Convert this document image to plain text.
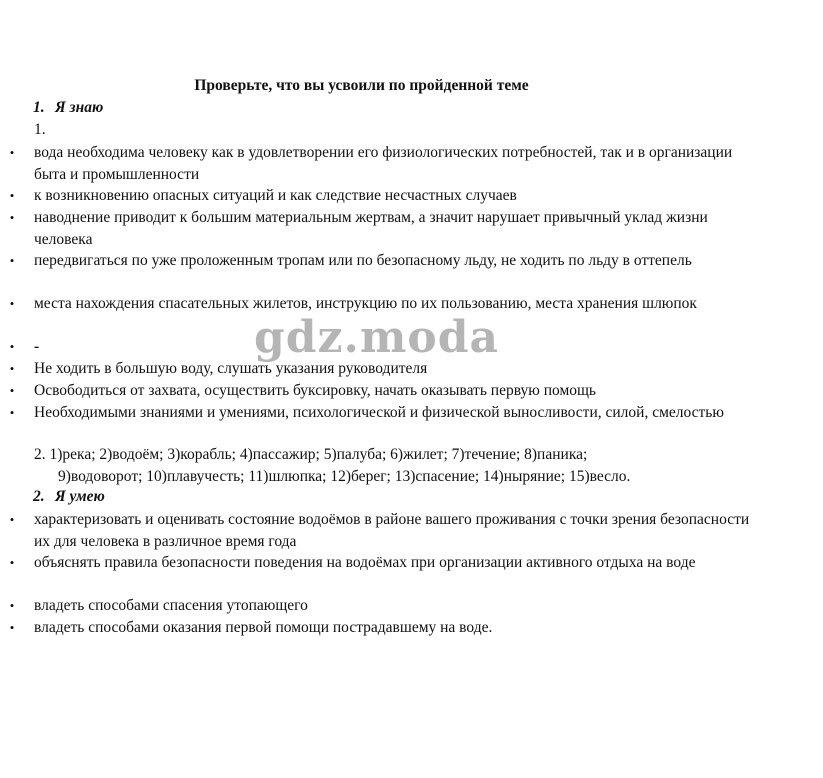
Проверьте, что вы усвоили по пройденной теме
1. Я знаю
1.
• вода необходима человеку как в удовлетворении его физиологических потребностей, так и в организации быта и промышленности
• к возникновению опасных ситуаций и как следствие несчастных случаев
• наводнение приводит к большим материальным жертвам, а значит нарушает привычный уклад жизни человека
• передвигаться по уже проложенным тропам или по безопасному льду, не ходить по льду в оттепель
• места нахождения спасательных жилетов, инструкцию по их пользованию, места хранения шлюпок
• -
• Не ходить в большую воду, слушать указания руководителя
• Освободиться от захвата, осуществить буксировку, начать оказывать первую помощь
• Необходимыми знаниями и умениями, психологической и физической выносливости, силой, смелостью
2. 1)река; 2)водоём; 3)корабль; 4)пассажир; 5)палуба; 6)жилет; 7)течение; 8)паника;
9)водоворот; 10)плавучесть; 11)шлюпка; 12)берег; 13)спасение; 14)ныряние; 15)весло.
2. Я умею
• характеризовать и оценивать состояние водоёмов в районе вашего проживания с точки зрения безопасности их для человека в различное время года
• объяснять правила безопасности поведения на водоёмах при организации активного отдыха на воде
• владеть способами спасения утопающего
• владеть способами оказания первой помощи пострадавшему на воде.
gdz.moda
